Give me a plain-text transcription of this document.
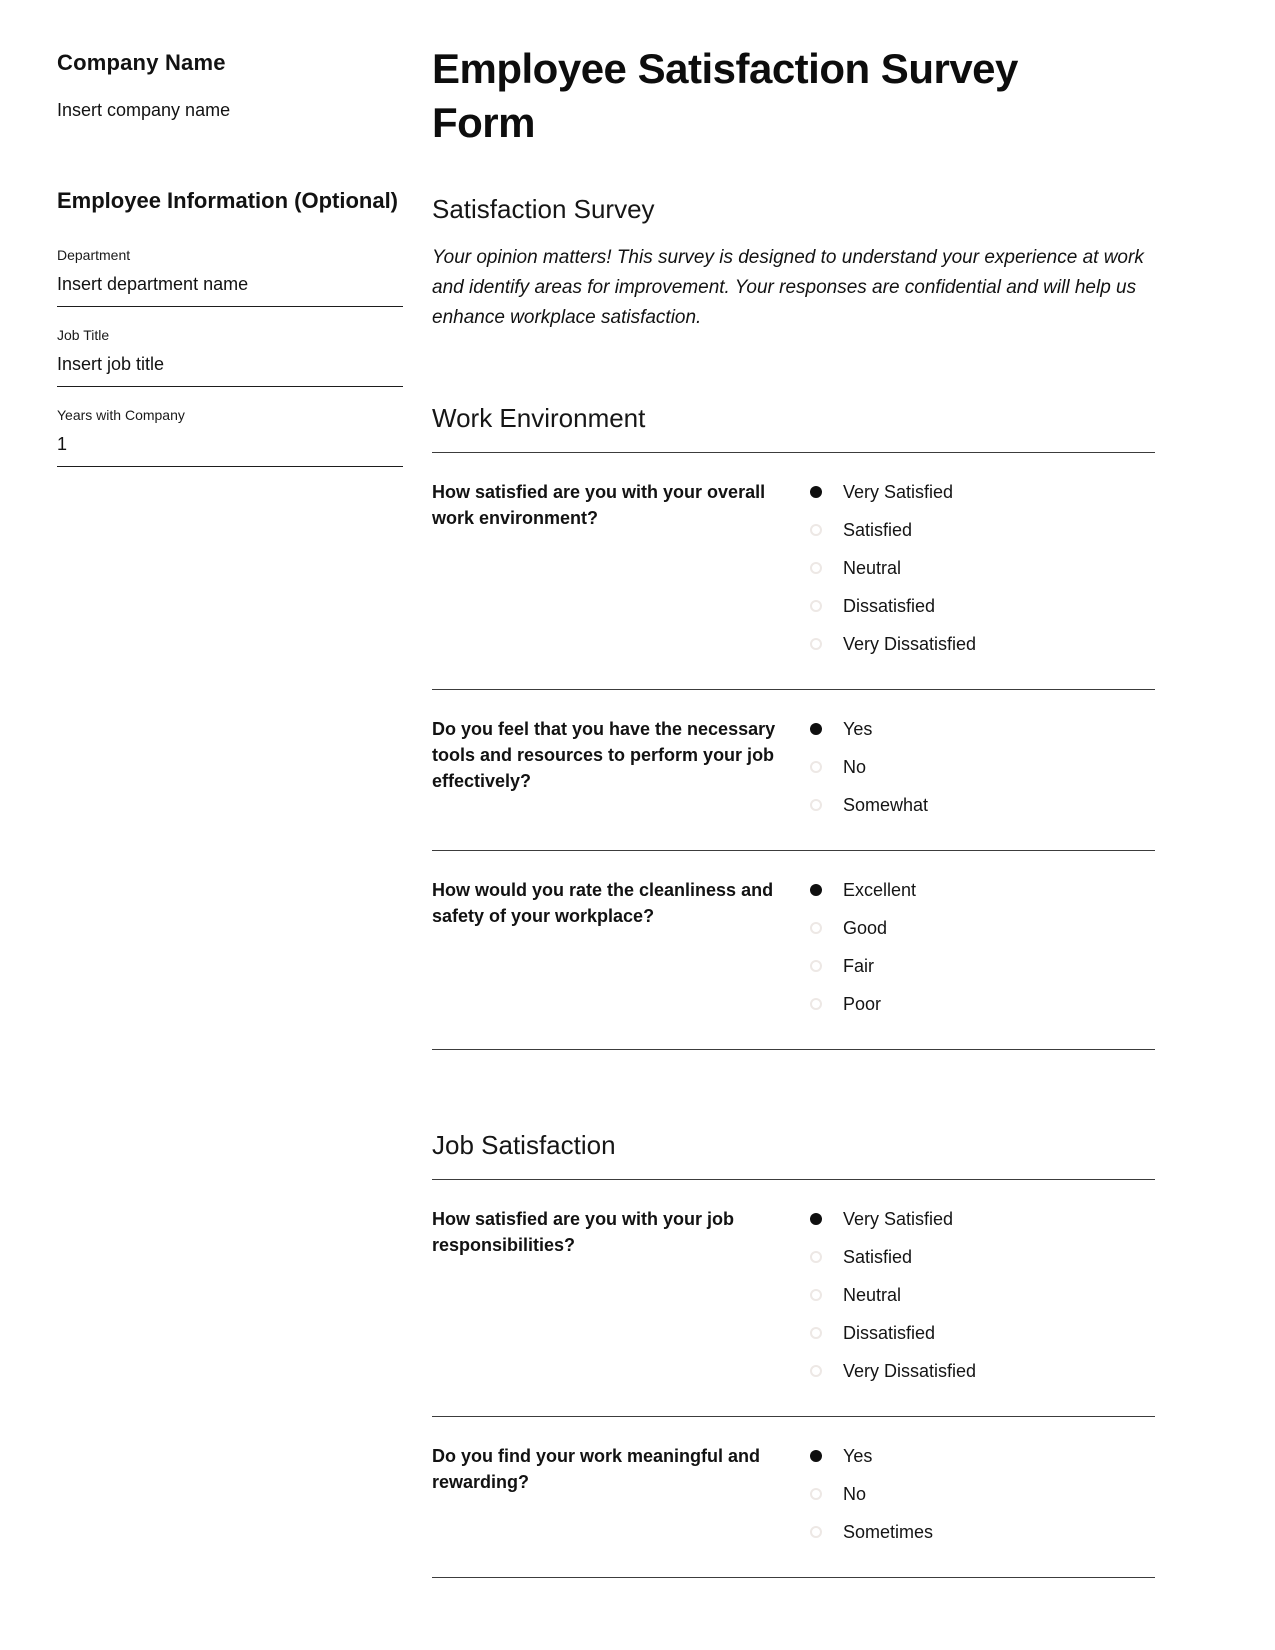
Company Name
Insert company name
Employee Information (Optional)
Department
Insert department name
Job Title
Insert job title
Years with Company
1
Employee Satisfaction Survey Form
Satisfaction Survey

Your opinion matters! This survey is designed to understand your experience at work and identify areas for improvement. Your responses are confidential and will help us enhance workplace satisfaction.

Work Environment
How satisfied are you with your overall work environment?
Very Satisfied
Satisfied
Neutral
Dissatisfied
Very Dissatisfied
Do you feel that you have the necessary tools and resources to perform your job effectively?
Yes
No
Somewhat
How would you rate the cleanliness and safety of your workplace?
Excellent
Good
Fair
Poor
Job Satisfaction
How satisfied are you with your job responsibilities?
Very Satisfied
Satisfied
Neutral
Dissatisfied
Very Dissatisfied
Do you find your work meaningful and rewarding?
Yes
No
Sometimes
